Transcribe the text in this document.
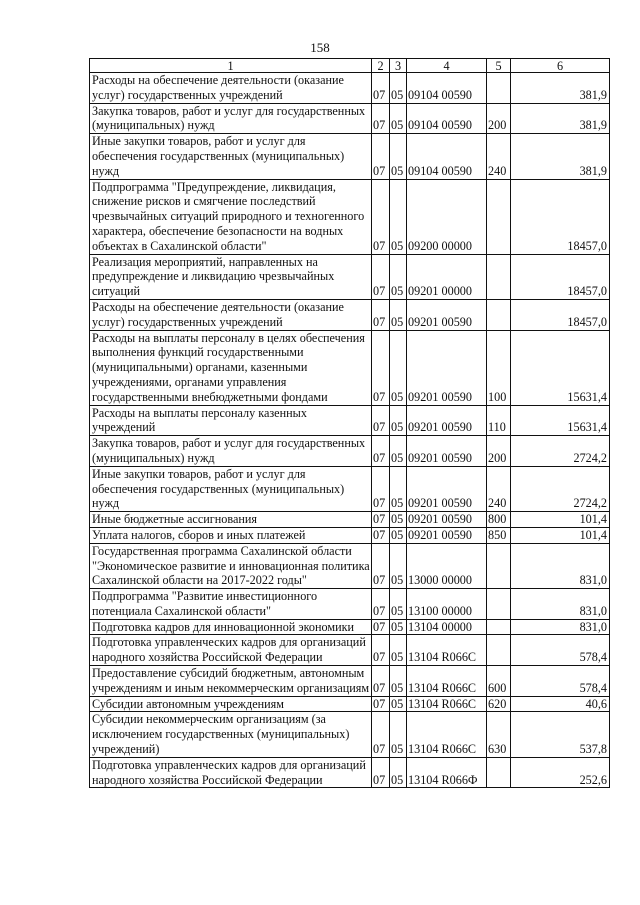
158
1	2	3	4	5	6
Расходы на обеспечение деятельности (оказание услуг) государственных учреждений	07	05	09104 00590		381,9
Закупка товаров, работ и услуг для государственных (муниципальных) нужд	07	05	09104 00590	200	381,9
Иные закупки товаров, работ и услуг для обеспечения государственных (муниципальных) нужд	07	05	09104 00590	240	381,9
Подпрограмма "Предупреждение, ликвидация, снижение рисков и смягчение последствий чрезвычайных ситуаций природного и техногенного характера, обеспечение безопасности на водных объектах в Сахалинской области"	07	05	09200 00000		18457,0
Реализация мероприятий, направленных на предупреждение и ликвидацию чрезвычайных ситуаций	07	05	09201 00000		18457,0
Расходы на обеспечение деятельности (оказание услуг) государственных учреждений	07	05	09201 00590		18457,0
Расходы на выплаты персоналу в целях обеспечения выполнения функций государственными (муниципальными) органами, казенными учреждениями, органами управления государственными внебюджетными фондами	07	05	09201 00590	100	15631,4
Расходы на выплаты персоналу казенных учреждений	07	05	09201 00590	110	15631,4
Закупка товаров, работ и услуг для государственных (муниципальных) нужд	07	05	09201 00590	200	2724,2
Иные закупки товаров, работ и услуг для обеспечения государственных (муниципальных) нужд	07	05	09201 00590	240	2724,2
Иные бюджетные ассигнования	07	05	09201 00590	800	101,4
Уплата налогов, сборов и иных платежей	07	05	09201 00590	850	101,4
Государственная программа Сахалинской области "Экономическое развитие и инновационная политика Сахалинской области на 2017-2022 годы"	07	05	13000 00000		831,0
Подпрограмма "Развитие инвестиционного потенциала Сахалинской области"	07	05	13100 00000		831,0
Подготовка кадров для инновационной экономики	07	05	13104 00000		831,0
Подготовка управленческих кадров для организаций народного хозяйства Российской Федерации	07	05	13104 R066C		578,4
Предоставление субсидий бюджетным, автономным учреждениям и иным некоммерческим организациям	07	05	13104 R066C	600	578,4
Субсидии автономным учреждениям	07	05	13104 R066C	620	40,6
Субсидии некоммерческим организациям (за исключением государственных (муниципальных) учреждений)	07	05	13104 R066C	630	537,8
Подготовка управленческих кадров для организаций народного хозяйства Российской Федерации	07	05	13104 R066Ф		252,6
